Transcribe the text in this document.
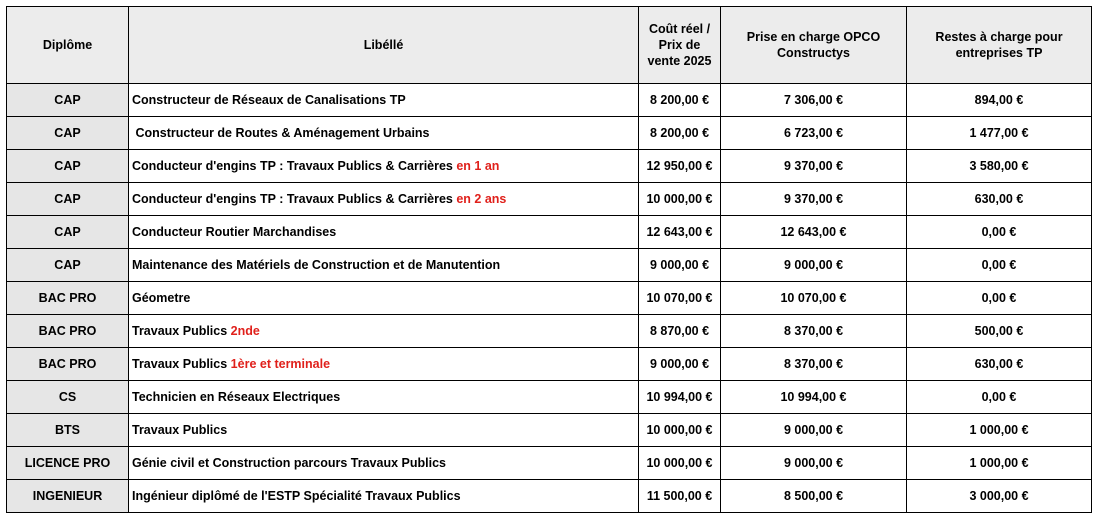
Diplôme	Libéllé	Coût réel / Prix de vente 2025	Prise en charge OPCO Constructys	Restes à charge pour entreprises TP
CAP	Constructeur de Réseaux de Canalisations TP	8 200,00 €	7 306,00 €	894,00 €
CAP	Constructeur de Routes & Aménagement Urbains	8 200,00 €	6 723,00 €	1 477,00 €
CAP	Conducteur d'engins TP : Travaux Publics & Carrières en 1 an	12 950,00 €	9 370,00 €	3 580,00 €
CAP	Conducteur d'engins TP : Travaux Publics & Carrières en 2 ans	10 000,00 €	9 370,00 €	630,00 €
CAP	Conducteur Routier Marchandises	12 643,00 €	12 643,00 €	0,00 €
CAP	Maintenance des Matériels de Construction et de Manutention	9 000,00 €	9 000,00 €	0,00 €
BAC PRO	Géometre	10 070,00 €	10 070,00 €	0,00 €
BAC PRO	Travaux Publics 2nde	8 870,00 €	8 370,00 €	500,00 €
BAC PRO	Travaux Publics 1ère et terminale	9 000,00 €	8 370,00 €	630,00 €
CS	Technicien en Réseaux Electriques	10 994,00 €	10 994,00 €	0,00 €
BTS	Travaux Publics	10 000,00 €	9 000,00 €	1 000,00 €
LICENCE PRO	Génie civil et Construction parcours Travaux Publics	10 000,00 €	9 000,00 €	1 000,00 €
INGENIEUR	Ingénieur diplômé de l'ESTP Spécialité Travaux Publics	11 500,00 €	8 500,00 €	3 000,00 €
